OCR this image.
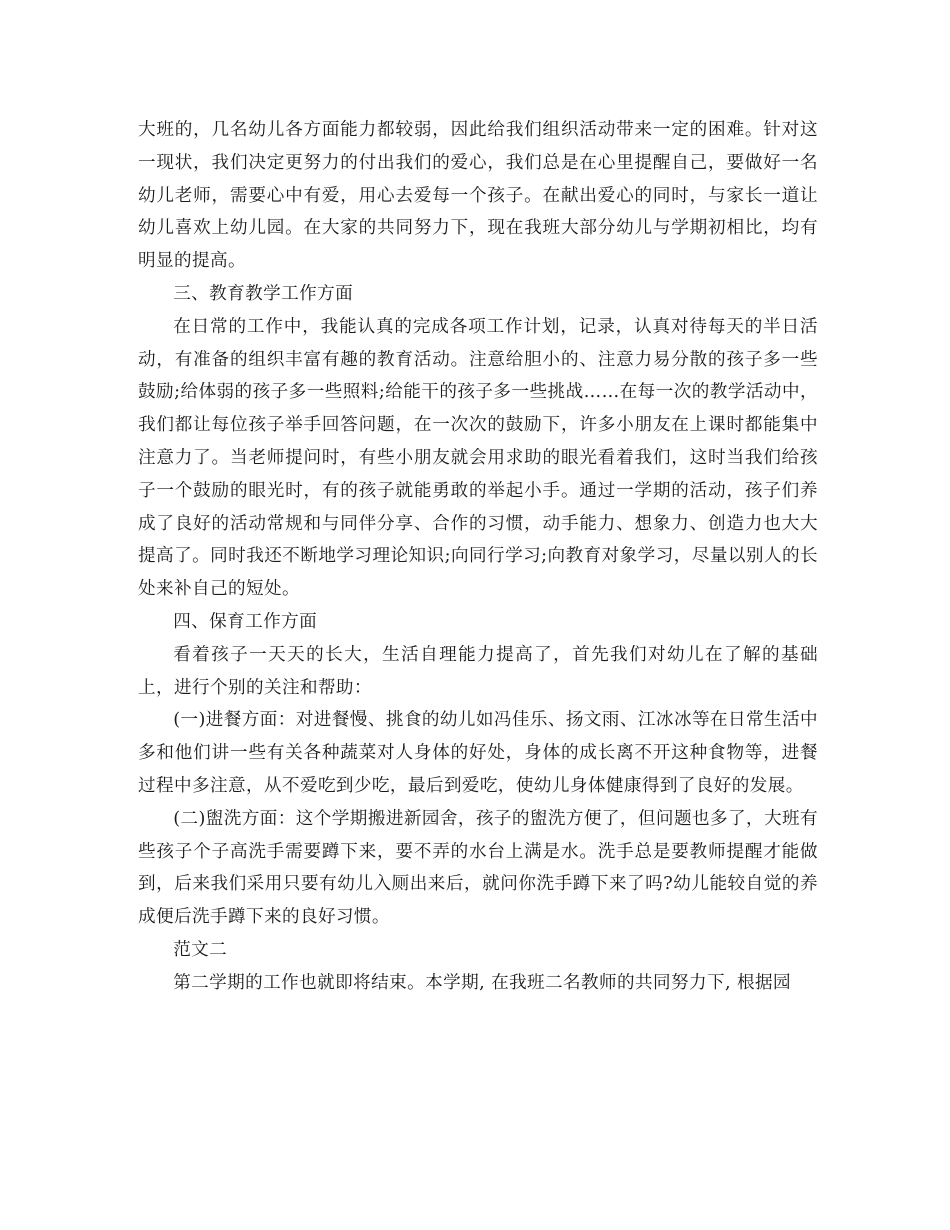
大班的，几名幼儿各方面能力都较弱，因此给我们组织活动带来一定的困难。针对这一现状，我们决定更努力的付出我们的爱心，我们总是在心里提醒自己，要做好一名幼儿老师，需要心中有爱，用心去爱每一个孩子。在献出爱心的同时，与家长一道让幼儿喜欢上幼儿园。在大家的共同努力下，现在我班大部分幼儿与学期初相比，均有明显的提高。

三、教育教学工作方面

在日常的工作中，我能认真的完成各项工作计划，记录，认真对待每天的半日活动，有准备的组织丰富有趣的教育活动。注意给胆小的、注意力易分散的孩子多一些鼓励;给体弱的孩子多一些照料;给能干的孩子多一些挑战……在每一次的教学活动中，我们都让每位孩子举手回答问题，在一次次的鼓励下，许多小朋友在上课时都能集中注意力了。当老师提问时，有些小朋友就会用求助的眼光看着我们，这时当我们给孩子一个鼓励的眼光时，有的孩子就能勇敢的举起小手。通过一学期的活动，孩子们养成了良好的活动常规和与同伴分享、合作的习惯，动手能力、想象力、创造力也大大提高了。同时我还不断地学习理论知识;向同行学习;向教育对象学习，尽量以别人的长处来补自己的短处。

四、保育工作方面

看着孩子一天天的长大，生活自理能力提高了，首先我们对幼儿在了解的基础上，进行个别的关注和帮助：

(一)进餐方面：对进餐慢、挑食的幼儿如冯佳乐、扬文雨、江冰冰等在日常生活中多和他们讲一些有关各种蔬菜对人身体的好处，身体的成长离不开这种食物等，进餐过程中多注意，从不爱吃到少吃，最后到爱吃，使幼儿身体健康得到了良好的发展。

(二)盥洗方面：这个学期搬进新园舍，孩子的盥洗方便了，但问题也多了，大班有些孩子个子高洗手需要蹲下来，要不弄的水台上满是水。洗手总是要教师提醒才能做到，后来我们采用只要有幼儿入厕出来后，就问你洗手蹲下来了吗?幼儿能较自觉的养成便后洗手蹲下来的良好习惯。

范文二

第二学期的工作也就即将结束。本学期, 在我班二名教师的共同努力下, 根据园
